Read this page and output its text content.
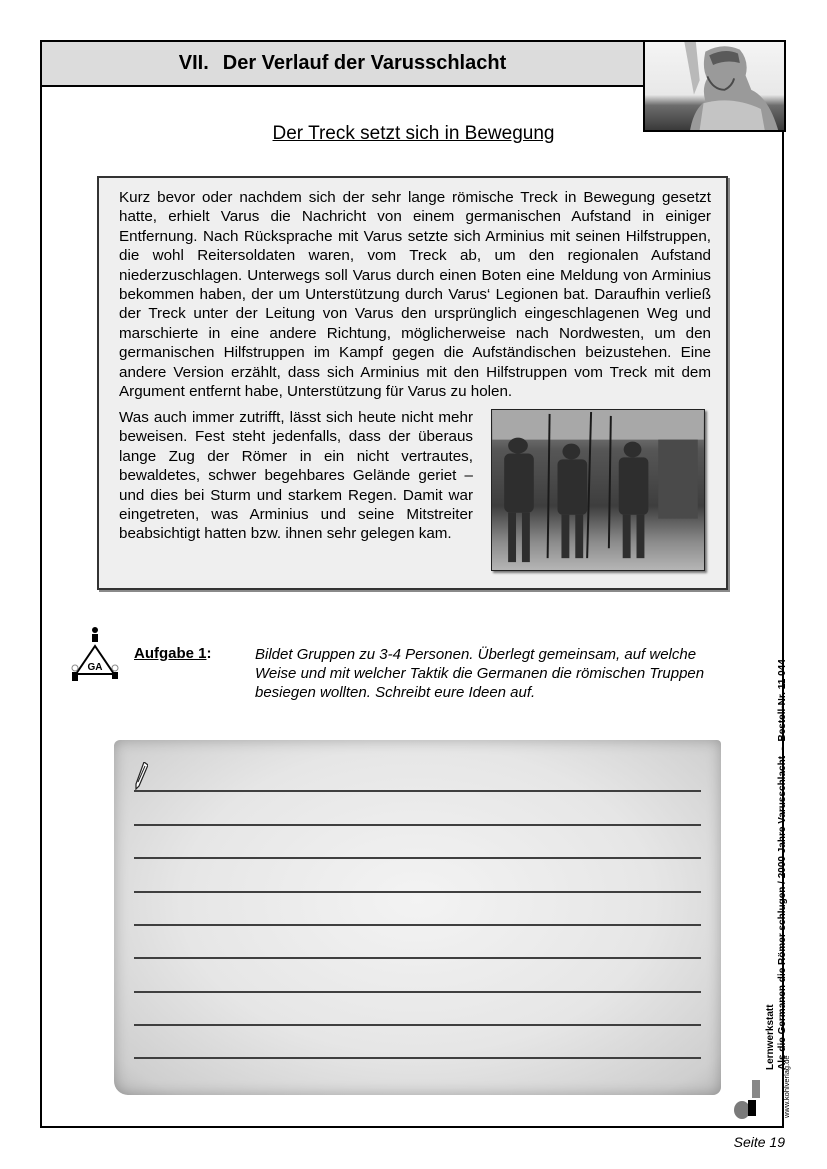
VII. Der Verlauf der Varusschlacht
Der Treck setzt sich in Bewegung
Kurz bevor oder nachdem sich der sehr lange römische Treck in Bewegung gesetzt hatte, erhielt Varus die Nachricht von einem germanischen Aufstand in einiger Entfernung. Nach Rücksprache mit Varus setzte sich Arminius mit seinen Hilfstruppen, die wohl Reitersoldaten waren, vom Treck ab, um den regionalen Aufstand niederzuschlagen. Unterwegs soll Varus durch einen Boten eine Meldung von Arminius bekommen haben, der um Unterstützung durch Varus‘ Legionen bat. Daraufhin verließ der Treck unter der Leitung von Varus den ursprünglich eingeschlagenen Weg und marschierte in eine andere Richtung, möglicherweise nach Nordwesten, um den germanischen Hilfstruppen im Kampf gegen die Aufständischen beizustehen. Eine andere Version erzählt, dass sich Arminius mit den Hilfstruppen vom Treck mit dem Argument entfernt habe, Unterstützung für Varus zu holen.
Was auch immer zutrifft, lässt sich heute nicht mehr beweisen. Fest steht jedenfalls, dass der überaus lange Zug der Römer in ein nicht vertrautes, bewaldetes, schwer begehbares Gelände geriet – und dies bei Sturm und starkem Regen. Damit war eingetreten, was Arminius und seine Mitstreiter beabsichtigt hatten bzw. ihnen sehr gelegen kam.
GA
Aufgabe 1:	Bildet Gruppen zu 3-4 Personen. Überlegt gemeinsam, auf welche Weise und mit welcher Taktik die Germanen die römischen Truppen besiegen wollten. Schreibt eure Ideen auf.
www.kohlverlag.de
Lernwerkstatt Als die Germanen die Römer schlugen / 2000 Jahre Varusschlacht  -  Bestell-Nr. 11 044
Seite 19
